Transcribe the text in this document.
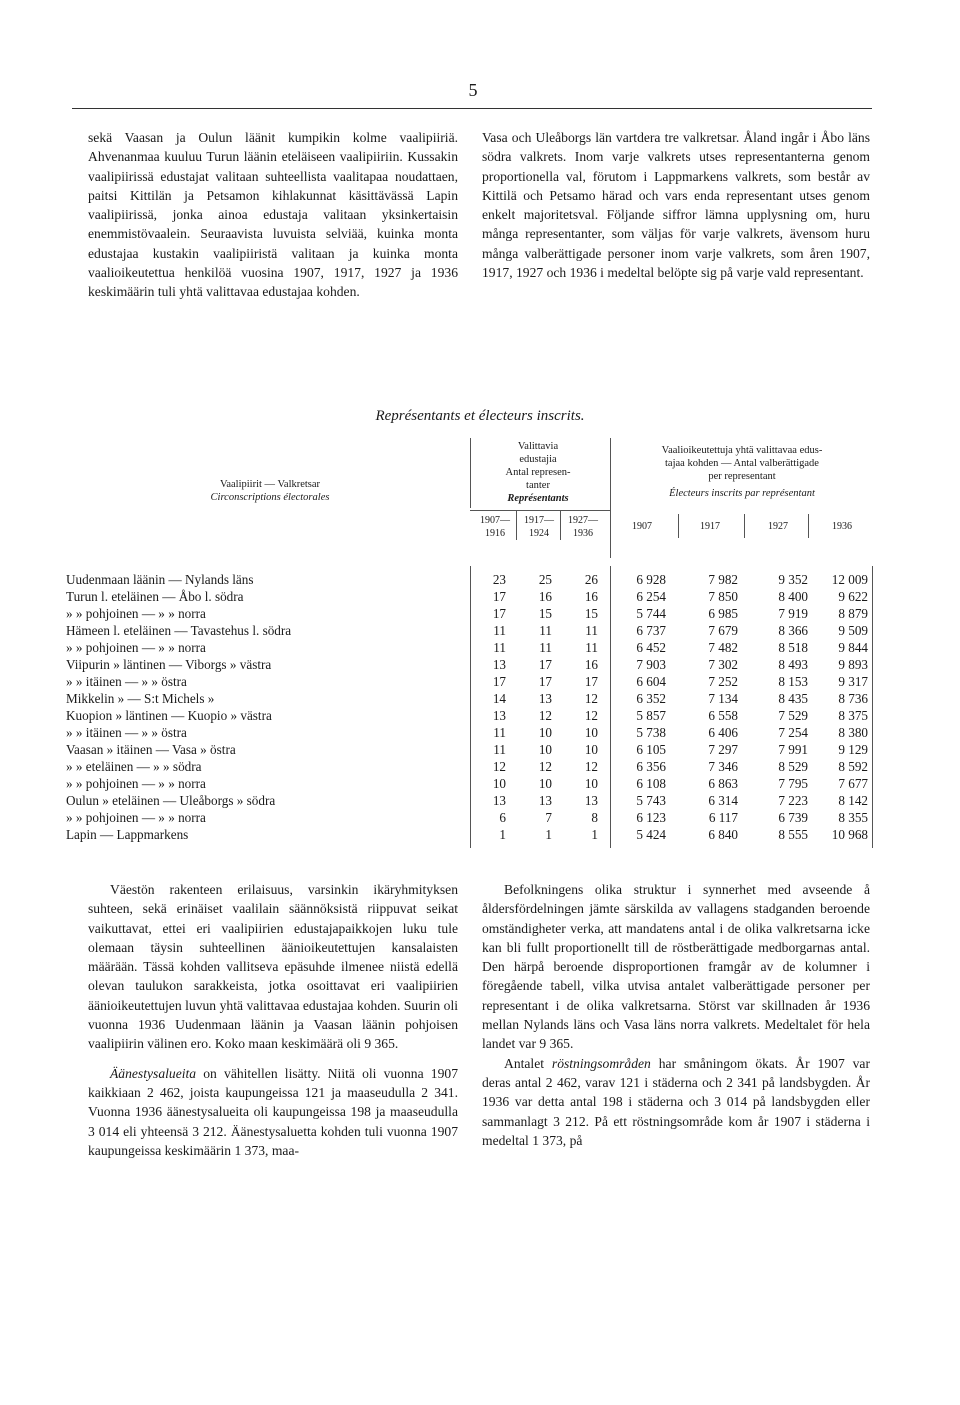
5
sekä Vaasan ja Oulun läänit kumpikin kolme vaalipiiriä. Ahvenanmaa kuuluu Turun läänin eteläiseen vaalipiiriin. Kussakin vaalipiirissä edustajat valitaan suhteellista vaalitapaa noudattaen, paitsi Kittilän ja Petsamon kihlakunnat käsittävässä Lapin vaalipiirissä, jonka ainoa edustaja valitaan yksinkertaisin enemmistövaalein. Seuraavista luvuista selviää, kuinka monta edustajaa kustakin vaalipiiristä valitaan ja kuinka monta vaalioikeutettua henkilöä vuosina 1907, 1917, 1927 ja 1936 keskimäärin tuli yhtä valittavaa edustajaa kohden.
Vasa och Uleåborgs län vartdera tre valkretsar. Åland ingår i Åbo läns södra valkrets. Inom varje valkrets utses representanterna genom proportionella val, förutom i Lappmarkens valkrets, som består av Kittilä och Petsamo härad och vars enda representant utses genom enkelt majoritetsval. Följande siffror lämna upplysning om, huru många representanter, som väljas för varje valkrets, ävensom huru många valberättigade personer inom varje valkrets, som åren 1907, 1917, 1927 och 1936 i medeltal belöpte sig på varje vald representant.
Représentants et électeurs inscrits.
Vaalipiirit — Valkretsar
Circonscriptions électorales
Valittavia
edustajia
Antal represen-
tanter
Représentants
Vaalioikeutettuja yhtä valittavaa edus-
tajaa kohden — Antal valberättigade
per representant
Électeurs inscrits par représentant
1907—
1916
1917—
1924
1927—
1936
1907	1917	1927	1936
Uudenmaan läänin — Nylands läns	23	25	26	6 928	7 982	9 352	12 009
Turun l. eteläinen — Åbo l. södra	17	16	16	6 254	7 850	8 400	9 622
» » pohjoinen — » » norra	17	15	15	5 744	6 985	7 919	8 879
Hämeen l. eteläinen — Tavastehus l. södra	11	11	11	6 737	7 679	8 366	9 509
» » pohjoinen — » » norra	11	11	11	6 452	7 482	8 518	9 844
Viipurin » läntinen — Viborgs » västra	13	17	16	7 903	7 302	8 493	9 893
» » itäinen — » » östra	17	17	17	6 604	7 252	8 153	9 317
Mikkelin » — S:t Michels »	14	13	12	6 352	7 134	8 435	8 736
Kuopion » läntinen — Kuopio » västra	13	12	12	5 857	6 558	7 529	8 375
» » itäinen — » » östra	11	10	10	5 738	6 406	7 254	8 380
Vaasan » itäinen — Vasa » östra	11	10	10	6 105	7 297	7 991	9 129
» » eteläinen — » » södra	12	12	12	6 356	7 346	8 529	8 592
» » pohjoinen — » » norra	10	10	10	6 108	6 863	7 795	7 677
Oulun » eteläinen — Uleåborgs » södra	13	13	13	5 743	6 314	7 223	8 142
» » pohjoinen — » » norra	6	7	8	6 123	6 117	6 739	8 355
Lapin — Lappmarkens	1	1	1	5 424	6 840	8 555	10 968

Väestön rakenteen erilaisuus, varsinkin ikäryhmityksen suhteen, sekä erinäiset vaalilain säännöksistä riippuvat seikat vaikuttavat, ettei eri vaalipiirien edustajapaikkojen luku tule olemaan täysin suhteellinen äänioikeutettujen kansalaisten määrään. Tässä kohden vallitseva epäsuhde ilmenee niistä edellä olevan taulukon sarakkeista, jotka osoittavat eri vaalipiirien äänioikeutettujen luvun yhtä valittavaa edustajaa kohden. Suurin oli vuonna 1936 Uudenmaan läänin ja Vaasan läänin pohjoisen vaalipiirin välinen ero. Koko maan keskimäärä oli 9 365.

Äänestysalueita on vähitellen lisätty. Niitä oli vuonna 1907 kaikkiaan 2 462, joista kaupungeissa 121 ja maaseudulla 2 341. Vuonna 1936 äänestysalueita oli kaupungeissa 198 ja maaseudulla 3 014 eli yhteensä 3 212. Äänestysaluetta kohden tuli vuonna 1907 kaupungeissa keskimäärin 1 373, maa-

Befolkningens olika struktur i synnerhet med avseende å åldersfördelningen jämte särskilda av vallagens stadganden beroende omständigheter verka, att mandatens antal i de olika valkretsarna icke kan bli fullt proportionellt till de röstberättigade medborgarnas antal. Den härpå beroende disproportionen framgår av de kolumner i föregående tabell, vilka utvisa antalet valberättigade personer per representant i de olika valkretsarna. Störst var skillnaden år 1936 mellan Nylands läns och Vasa läns norra valkrets. Medeltalet för hela landet var 9 365.

Antalet röstningsområden har småningom ökats. År 1907 var deras antal 2 462, varav 121 i städerna och 2 341 på landsbygden. År 1936 var detta antal 198 i städerna och 3 014 på landsbygden eller sammanlagt 3 212. På ett röstningsområde kom år 1907 i städerna i medeltal 1 373, på
